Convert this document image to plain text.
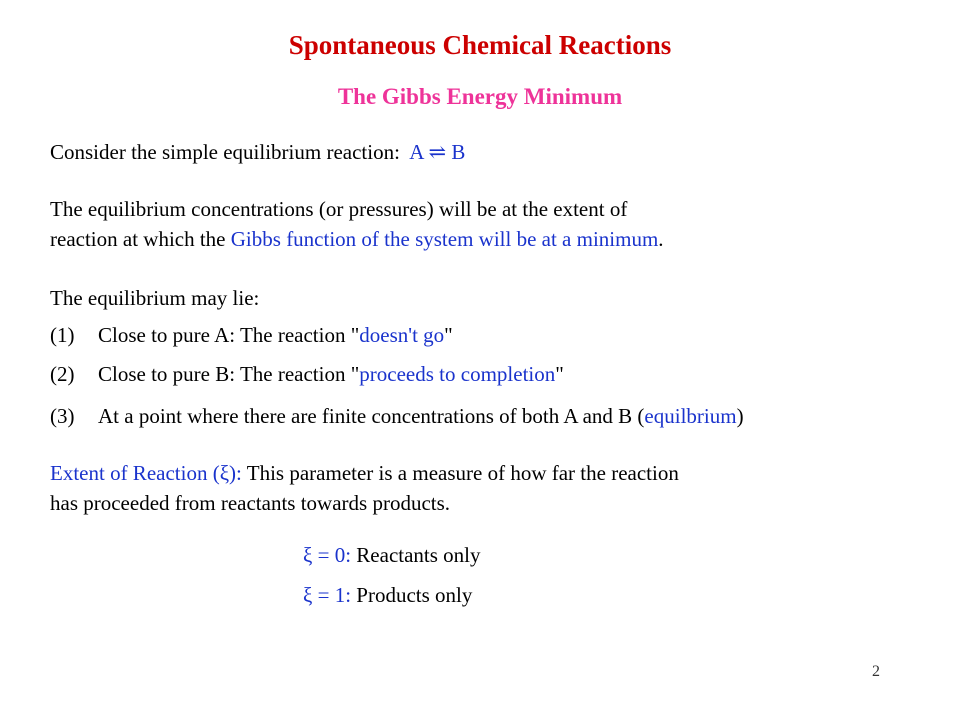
Spontaneous Chemical Reactions
The Gibbs Energy Minimum
Consider the simple equilibrium reaction: A ⇌ B
The equilibrium concentrations (or pressures) will be at the extent of
reaction at which the Gibbs function of the system will be at a minimum.
The equilibrium may lie:
(1) Close to pure A: The reaction "doesn't go"
(2) Close to pure B: The reaction "proceeds to completion"
(3) At a point where there are finite concentrations of both A and B (equilbrium)
Extent of Reaction (ξ): This parameter is a measure of how far the reaction
has proceeded from reactants towards products.
ξ = 0: Reactants only
ξ = 1: Products only
2
